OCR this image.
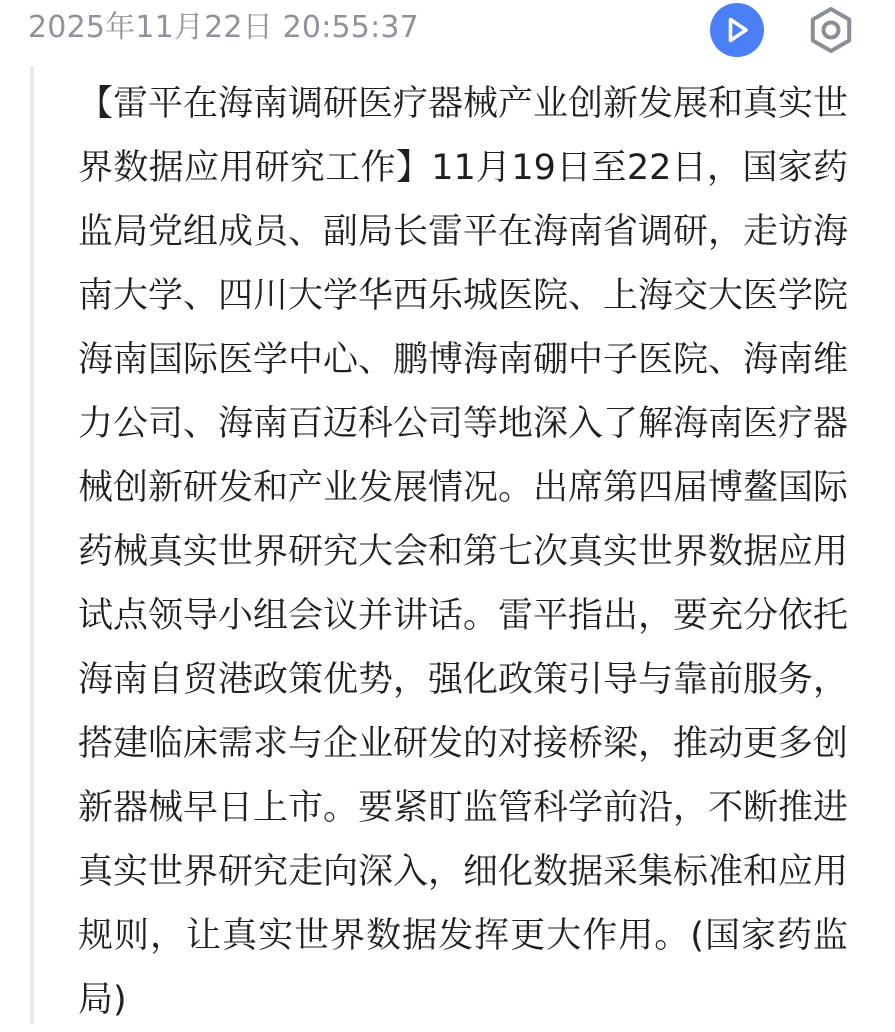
2025年11月22日 20:55:37

【雷平在海南调研医疗器械产业创新发展和真实世界数据应用研究工作】11月19日至22日，国家药监局党组成员、副局长雷平在海南省调研，走访海南大学、四川大学华西乐城医院、上海交大医学院海南国际医学中心、鹏博海南硼中子医院、海南维力公司、海南百迈科公司等地深入了解海南医疗器械创新研发和产业发展情况。出席第四届博鳌国际药械真实世界研究大会和第七次真实世界数据应用试点领导小组会议并讲话。雷平指出，要充分依托海南自贸港政策优势，强化政策引导与靠前服务，搭建临床需求与企业研发的对接桥梁，推动更多创新器械早日上市。要紧盯监管科学前沿，不断推进真实世界研究走向深入，细化数据采集标准和应用规则，让真实世界数据发挥更大作用。(国家药监局)
